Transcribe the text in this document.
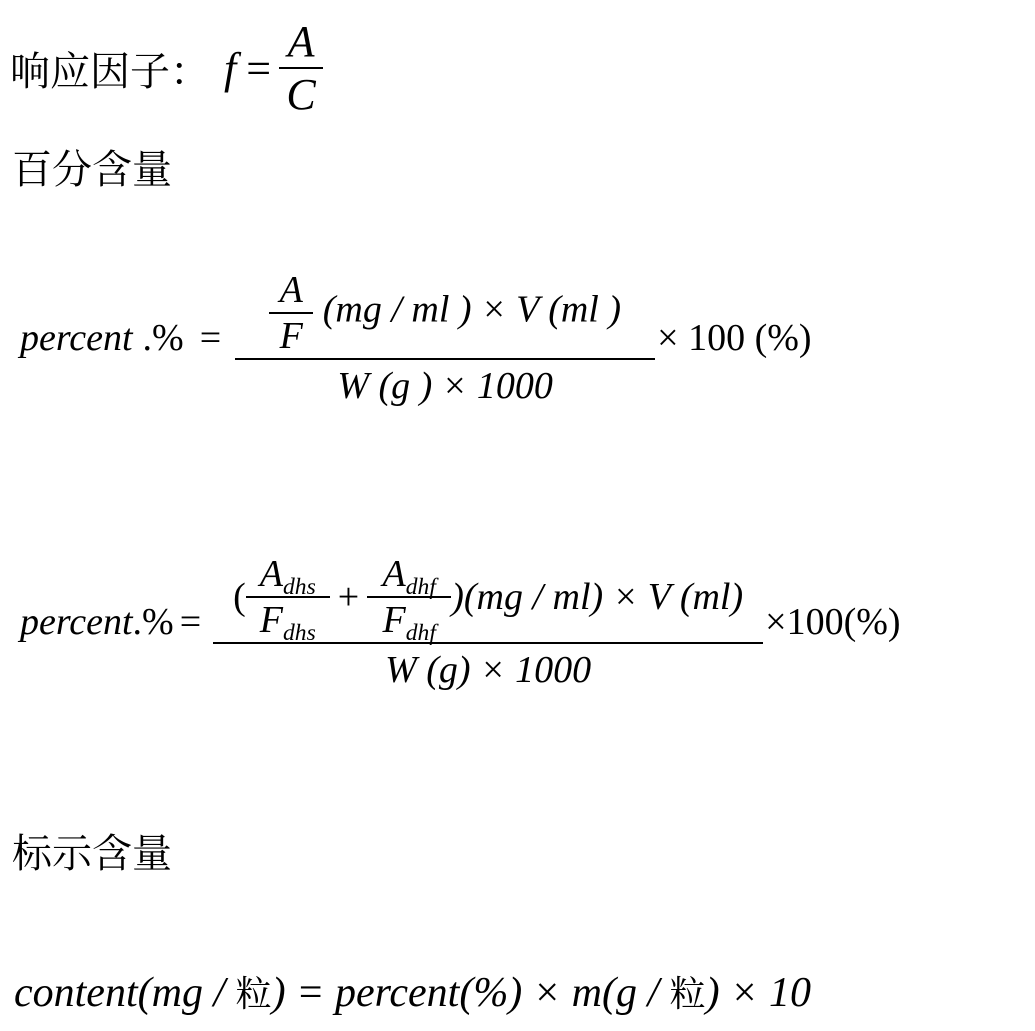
响应因子： $f = \frac{A}{C}$
百分含量
percent .% = $\frac{\frac{A}{F} (mg / ml ) \times V (ml )}{W (g ) \times 1000} \times 100$ (%)
percent .% =
( $\frac{A_{dhs}}{F_{dhs}} + \frac{A_{dhf}}{F_{dhf}} )(mg / ml) \times V$ (ml)
W (g) × 1000
×100(%)
标示含量
content(mg / 粒) = percent(%) × m(g / 粒) × 10
